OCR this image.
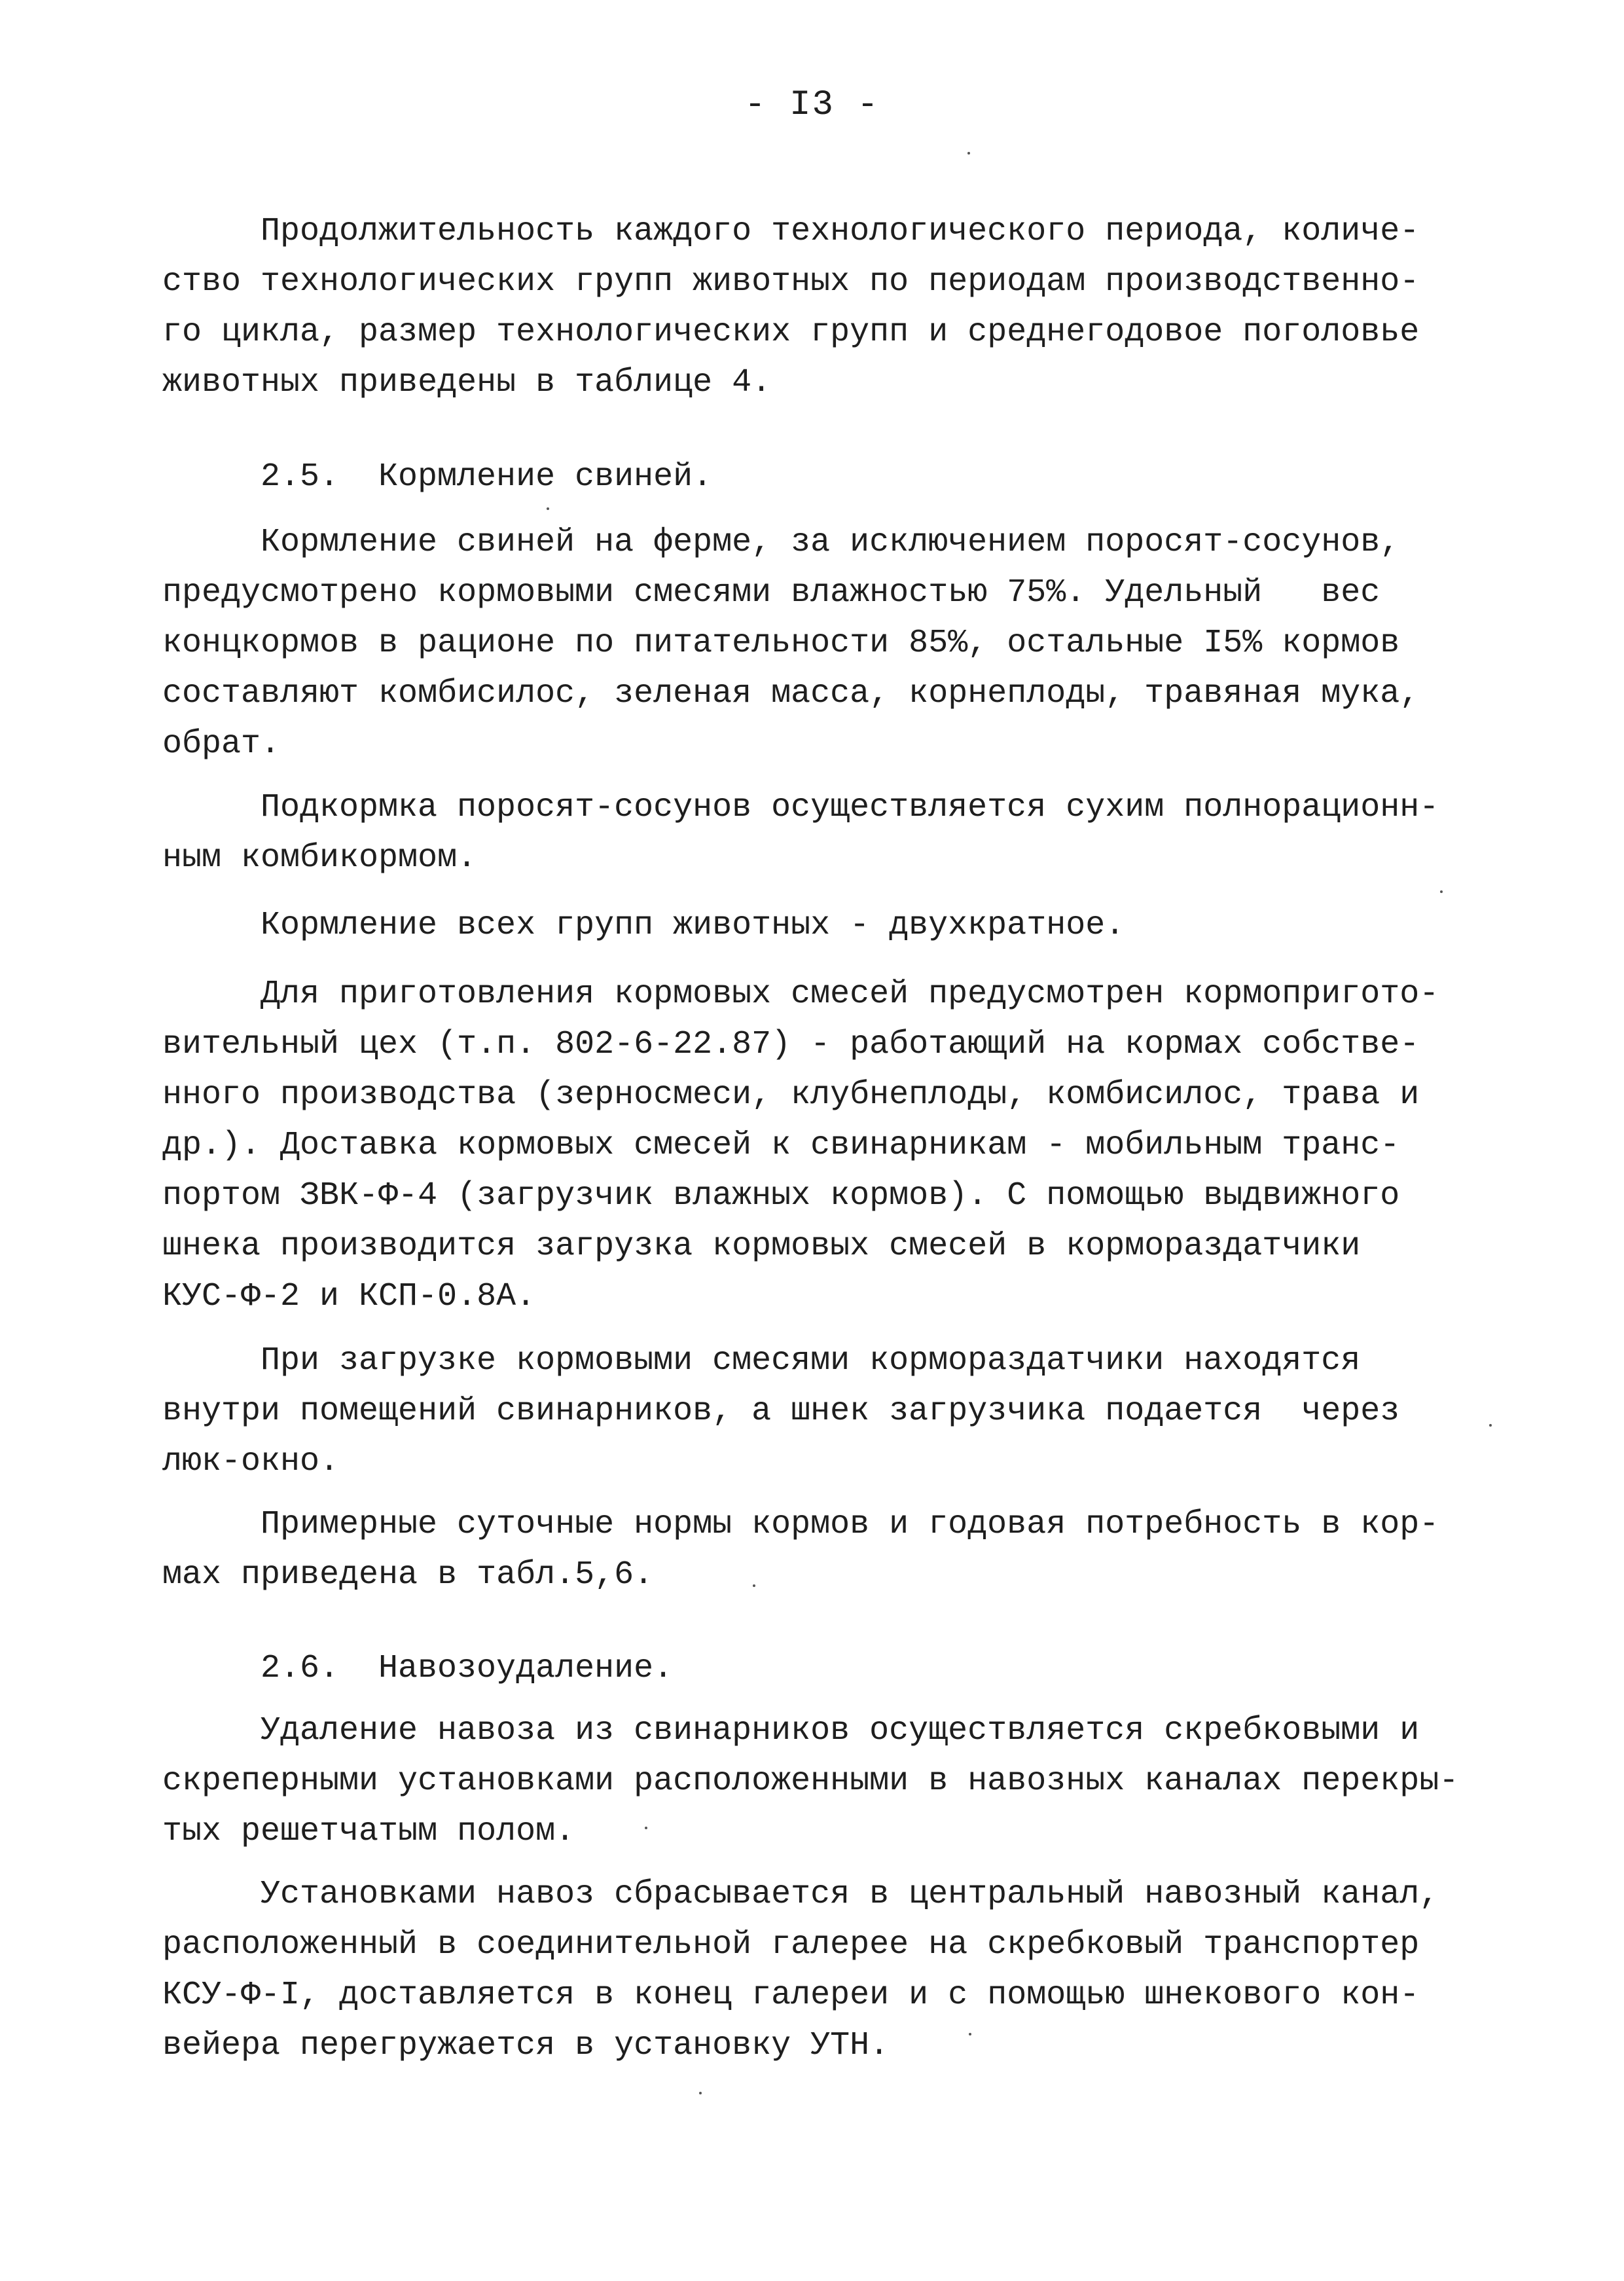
- I3 -
Продолжительность каждого технологического периода, количе-
ство технологических групп животных по периодам производственно-
го цикла, размер технологических групп и среднегодовое поголовье
животных приведены в таблице 4.
2.5.  Кормление свиней.
Кормление свиней на ферме, за исключением поросят-сосунов,
предусмотрено кормовыми смесями влажностью 75%. Удельный   вес
концкормов в рационе по питательности 85%, остальные I5% кормов
составляют комбисилос, зеленая масса, корнеплоды, травяная мука,
обрат.
Подкормка поросят-сосунов осуществляется сухим полнорационн-
ным комбикормом.
Кормление всех групп животных - двухкратное.
Для приготовления кормовых смесей предусмотрен кормопригото-
вительный цех (т.п. 802-6-22.87) - работающий на кормах собстве-
нного производства (зерносмеси, клубнеплоды, комбисилос, трава и
др.). Доставка кормовых смесей к свинарникам - мобильным транс-
портом ЗВК-Ф-4 (загрузчик влажных кормов). С помощью выдвижного
шнека производится загрузка кормовых смесей в кормораздатчики
КУС-Ф-2 и КСП-0.8А.
При загрузке кормовыми смесями кормораздатчики находятся
внутри помещений свинарников, а шнек загрузчика подается  через
люк-окно.
Примерные суточные нормы кормов и годовая потребность в кор-
мах приведена в табл.5,6.
2.6.  Навозоудаление.
Удаление навоза из свинарников осуществляется скребковыми и
скреперными установками расположенными в навозных каналах перекры-
тых решетчатым полом.
Установками навоз сбрасывается в центральный навозный канал,
расположенный в соединительной галерее на скребковый транспортер
КСУ-Ф-I, доставляется в конец галереи и с помощью шнекового кон-
вейера перегружается в установку УТН.
